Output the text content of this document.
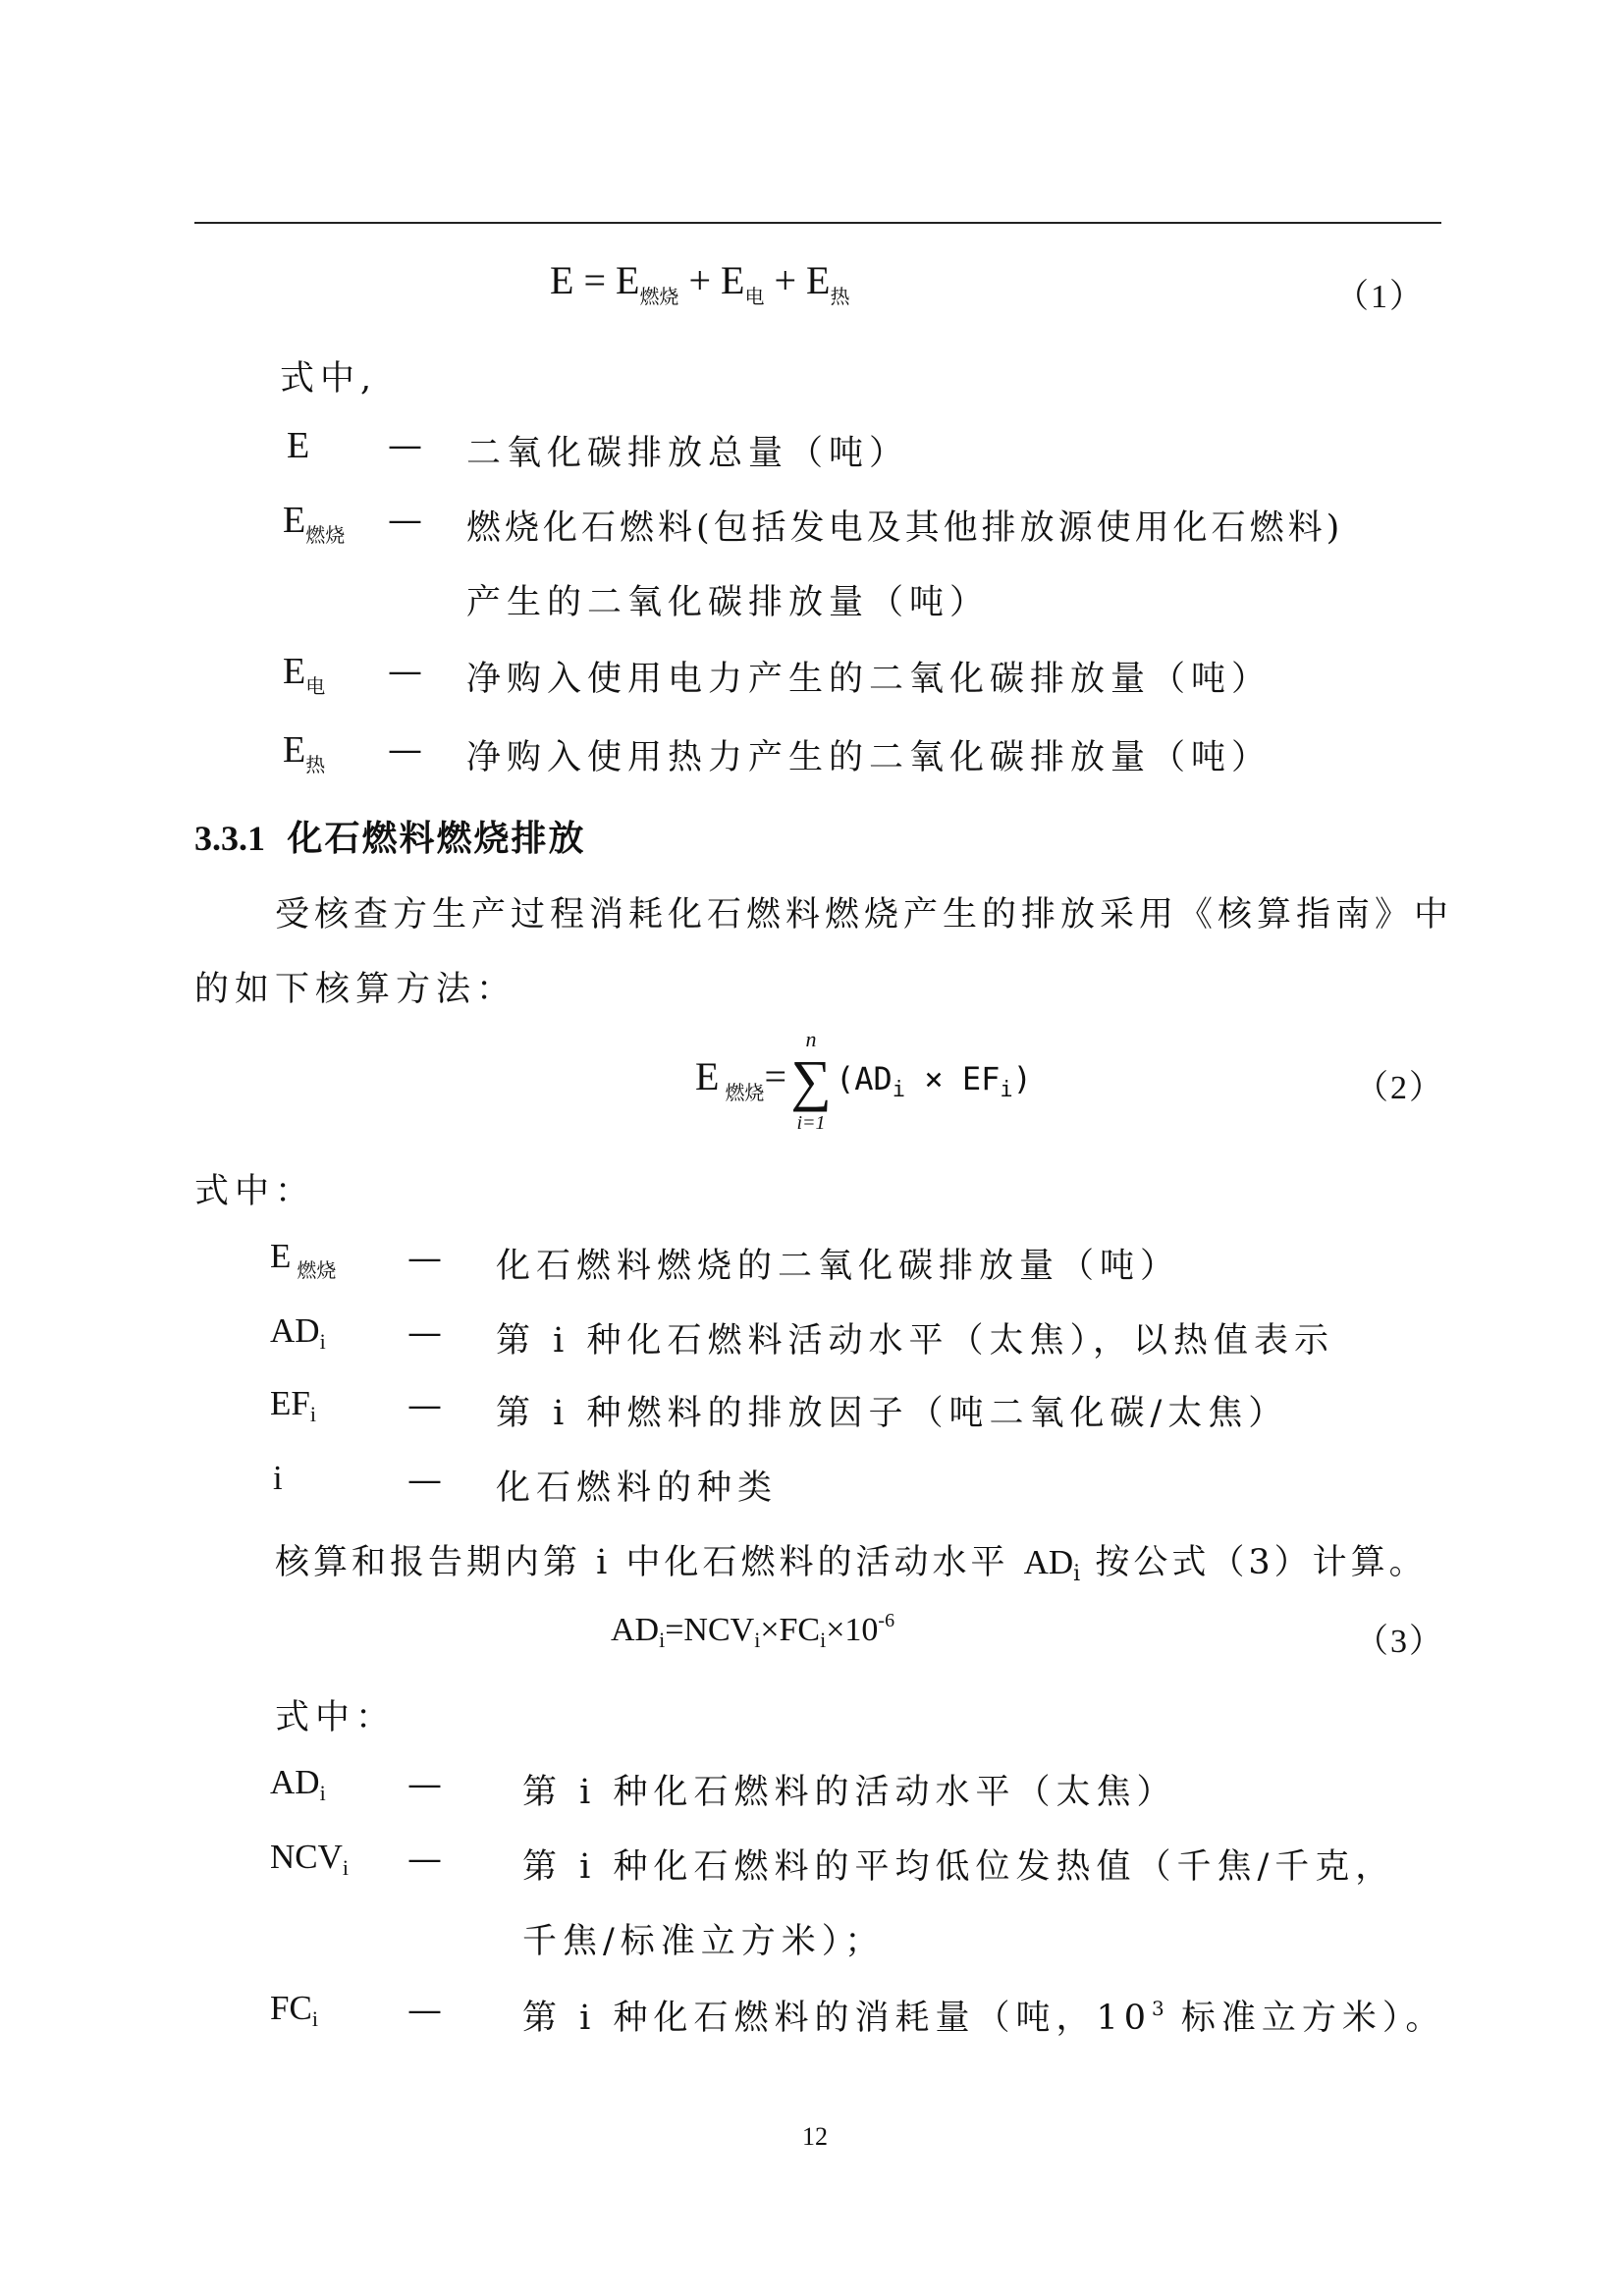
$E = E_{燃烧} + E_电 + E_热$	（1）
式中,
E — 二氧化碳排放总量（吨）
$E_{燃烧}$ — 燃烧化石燃料(包括发电及其他排放源使用化石燃料)
产生的二氧化碳排放量（吨）
$E_电$ — 净购入使用电力产生的二氧化碳排放量（吨）
$E_热$ — 净购入使用热力产生的二氧化碳排放量（吨）
3.3.1 化石燃料燃烧排放
受核查方生产过程消耗化石燃料燃烧产生的排放采用《核算指南》中
的如下核算方法：
E $_{燃烧}$=
n
∑
i=1
$(AD_i \times EF_i)$	（2）
式中：
E $_{燃烧}$ — 化石燃料燃烧的二氧化碳排放量（吨）
$AD_i$ — 第 i 种化石燃料活动水平（太焦），以热值表示
$EF_i$	— 第 i 种燃料的排放因子（吨二氧化碳/太焦）
i	— 化石燃料的种类
核算和报告期内第 i 中化石燃料的活动水平 $AD_i$ 按公式（3）计算。
$AD_i=NCV_i\times FC_i\times 10^{-6}$
（3）
式中：
$AD_i$ — 第 i 种化石燃料的活动水平（太焦）
$NCV_i$ — 第 i 种化石燃料的平均低位发热值（千焦/千克，
千焦/标准立方米）；
$FC_i$	— 第 i 种化石燃料的消耗量（吨，$10^3$ 标准立方米）。
12
